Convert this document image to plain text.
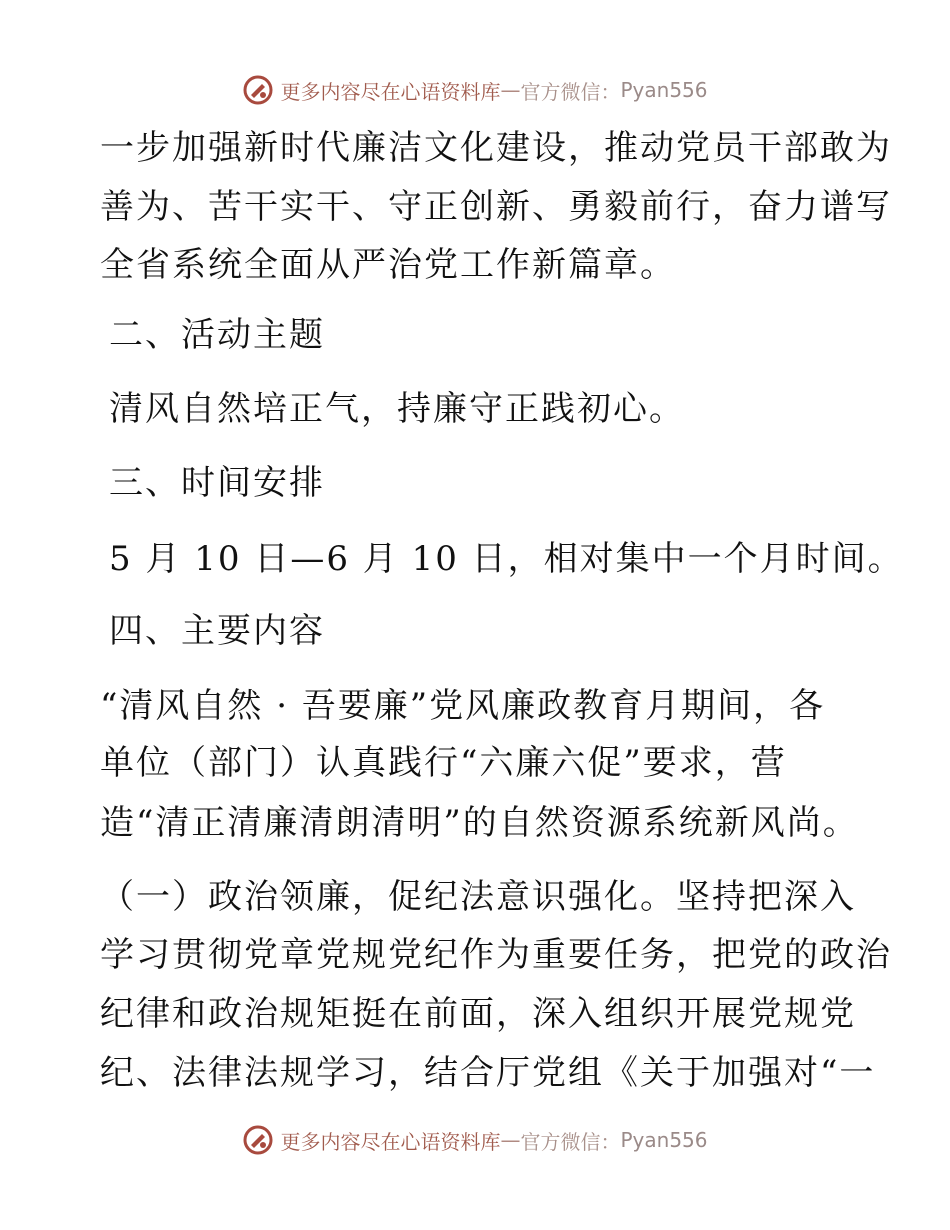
更多内容尽在心语资料库 — 官方微信： Pyan556

一步加强新时代廉洁文化建设，推动党员干部敢为

善为、苦干实干、守正创新、勇毅前行，奋力谱写

全省系统全面从严治党工作新篇章。

二、活动主题

清风自然培正气，持廉守正践初心。

三、时间安排

5 月 10 日—6 月 10 日，相对集中一个月时间。

四、主要内容

“清风自然 · 吾要廉”党风廉政教育月期间，各

单位（部门）认真践行“六廉六促”要求，营

造“清正清廉清朗清明”的自然资源系统新风尚。

（一）政治领廉，促纪法意识强化。坚持把深入

学习贯彻党章党规党纪作为重要任务，把党的政治

纪律和政治规矩挺在前面，深入组织开展党规党

纪、法律法规学习，结合厅党组《关于加强对“一

更多内容尽在心语资料库 — 官方微信： Pyan556
